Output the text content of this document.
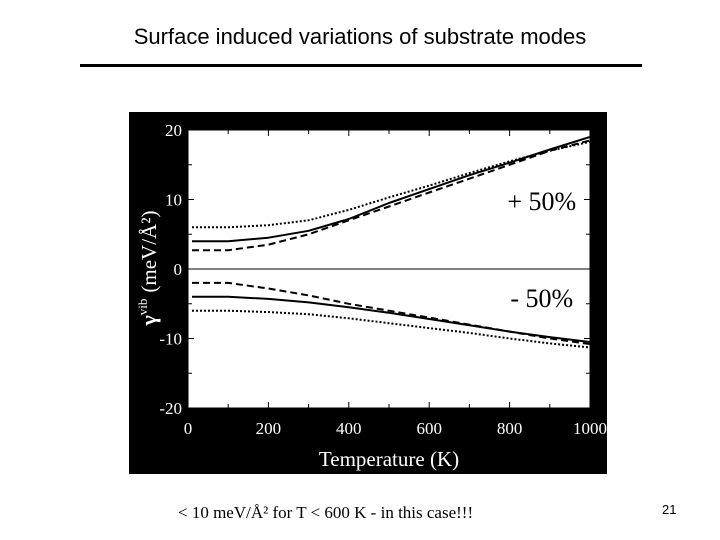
Surface induced variations of substrate modes
20
10
0
-10
-20
0	200	400	600	800	1000
+ 50%
- 50%
Temperature (K)
$\gamma^{vib}(meV/Å^2)$
< 10 meV/Å² for T < 600 K - in this case!!!	21
